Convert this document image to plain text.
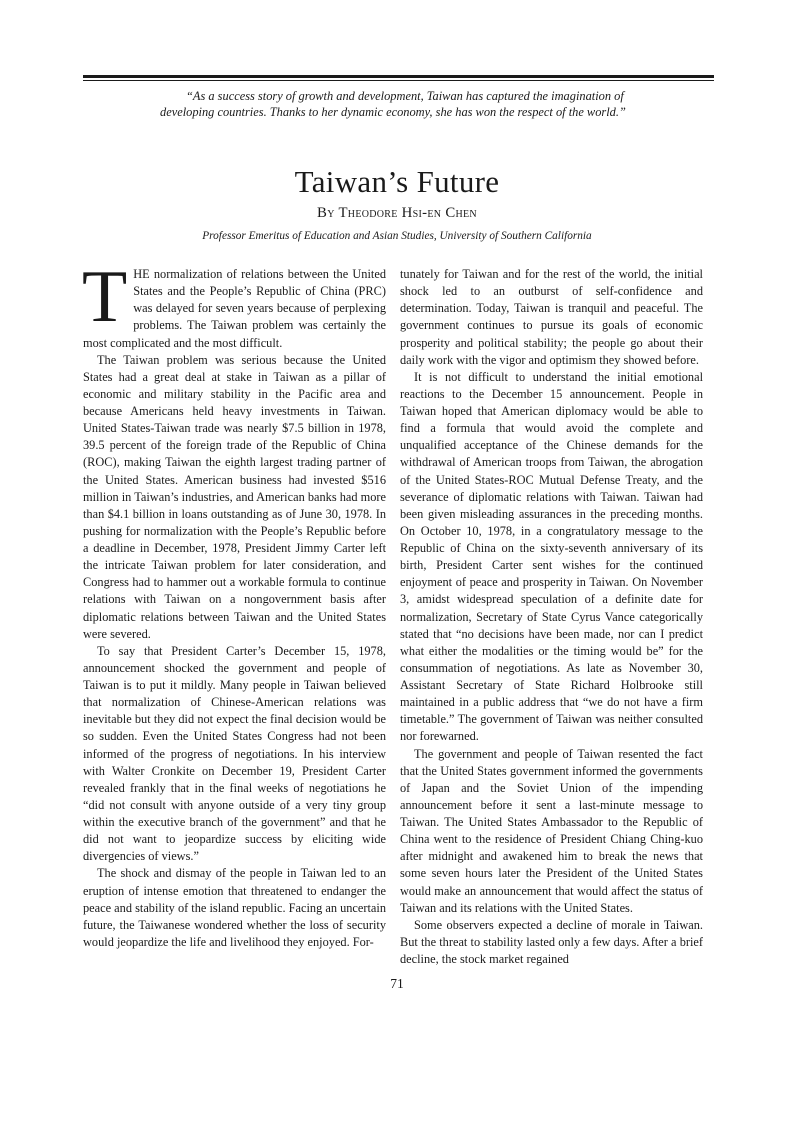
“As a success story of growth and development, Taiwan has captured the imagination of developing countries. Thanks to her dynamic economy, she has won the respect of the world.”
Taiwan’s Future
By Theodore Hsi-en Chen
Professor Emeritus of Education and Asian Studies, University of Southern California

THE normalization of relations between the United States and the People’s Republic of China (PRC) was delayed for seven years because of perplexing problems. The Taiwan problem was certainly the most complicated and the most difficult.

The Taiwan problem was serious because the United States had a great deal at stake in Taiwan as a pillar of economic and military stability in the Pacific area and because Americans held heavy investments in Taiwan. United States-Taiwan trade was nearly $7.5 billion in 1978, 39.5 percent of the foreign trade of the Republic of China (ROC), making Taiwan the eighth largest trading partner of the United States. American business had invested $516 million in Taiwan’s industries, and American banks had more than $4.1 billion in loans outstanding as of June 30, 1978. In pushing for normalization with the People’s Republic before a deadline in December, 1978, President Jimmy Carter left the intricate Taiwan problem for later consideration, and Congress had to hammer out a workable formula to continue relations with Taiwan on a nongovernment basis after diplomatic relations between Taiwan and the United States were severed.

To say that President Carter’s December 15, 1978, announcement shocked the government and people of Taiwan is to put it mildly. Many people in Taiwan believed that normalization of Chinese-American relations was inevitable but they did not expect the final decision would be so sudden. Even the United States Congress had not been informed of the progress of negotiations. In his interview with Walter Cronkite on December 19, President Carter revealed frankly that in the final weeks of negotiations he “did not consult with anyone outside of a very tiny group within the executive branch of the government” and that he did not want to jeopardize success by eliciting wide divergencies of views.”

The shock and dismay of the people in Taiwan led to an eruption of intense emotion that threatened to endanger the peace and stability of the island republic. Facing an uncertain future, the Taiwanese wondered whether the loss of security would jeopardize the life and livelihood they enjoyed. For-

tunately for Taiwan and for the rest of the world, the initial shock led to an outburst of self-confidence and determination. Today, Taiwan is tranquil and peaceful. The government continues to pursue its goals of economic prosperity and political stability; the people go about their daily work with the vigor and optimism they showed before.

It is not difficult to understand the initial emotional reactions to the December 15 announcement. People in Taiwan hoped that American diplomacy would be able to find a formula that would avoid the complete and unqualified acceptance of the Chinese demands for the withdrawal of American troops from Taiwan, the abrogation of the United States-ROC Mutual Defense Treaty, and the severance of diplomatic relations with Taiwan. Taiwan had been given misleading assurances in the preceding months. On October 10, 1978, in a congratulatory message to the Republic of China on the sixty-seventh anniversary of its birth, President Carter sent wishes for the continued enjoyment of peace and prosperity in Taiwan. On November 3, amidst widespread speculation of a definite date for normalization, Secretary of State Cyrus Vance categorically stated that “no decisions have been made, nor can I predict what either the modalities or the timing would be” for the consummation of negotiations. As late as November 30, Assistant Secretary of State Richard Holbrooke still maintained in a public address that “we do not have a firm timetable.” The government of Taiwan was neither consulted nor forewarned.

The government and people of Taiwan resented the fact that the United States government informed the governments of Japan and the Soviet Union of the impending announcement before it sent a last-minute message to Taiwan. The United States Ambassador to the Republic of China went to the residence of President Chiang Ching-kuo after midnight and awakened him to break the news that some seven hours later the President of the United States would make an announcement that would affect the status of Taiwan and its relations with the United States.

Some observers expected a decline of morale in Taiwan. But the threat to stability lasted only a few days. After a brief decline, the stock market regained

71
